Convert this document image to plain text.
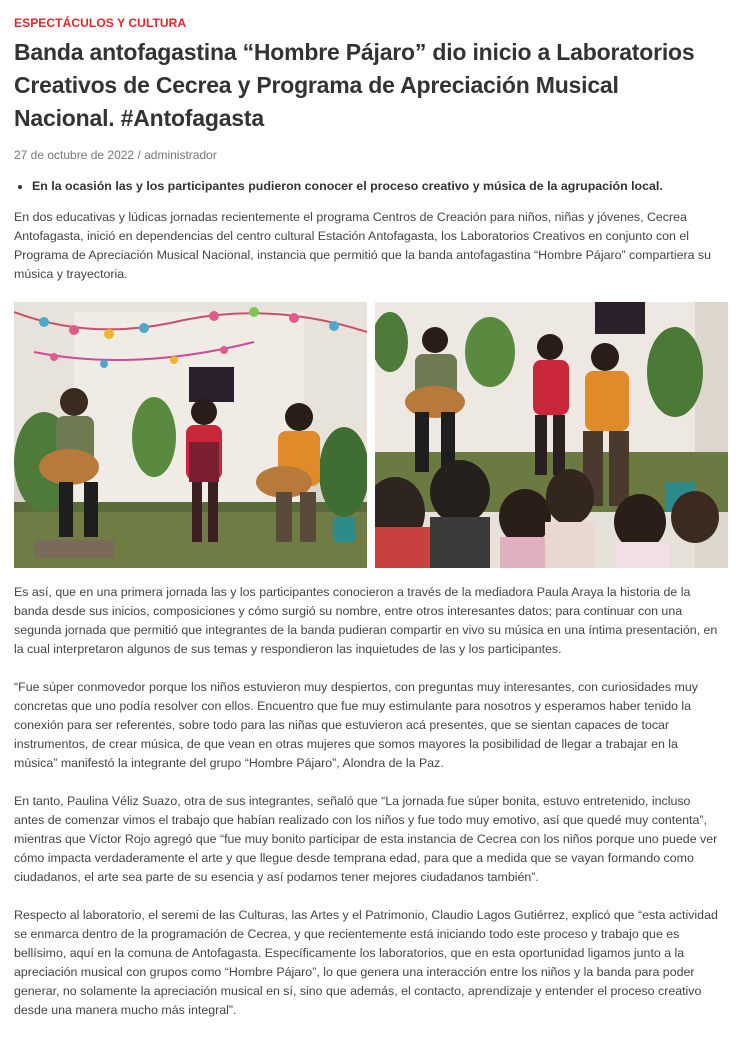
ESPECTÁCULOS Y CULTURA
Banda antofagastina “Hombre Pájaro” dio inicio a Laboratorios Creativos de Cecrea y Programa de Apreciación Musical Nacional. #Antofagasta
27 de octubre de 2022 / administrador
• En la ocasión las y los participantes pudieron conocer el proceso creativo y música de la agrupación local.

En dos educativas y lúdicas jornadas recientemente el programa Centros de Creación para niños, niñas y jóvenes, Cecrea Antofagasta, inició en dependencias del centro cultural Estación Antofagasta, los Laboratorios Creativos en conjunto con el Programa de Apreciación Musical Nacional, instancia que permitió que la banda antofagastina “Hombre Pájaro” compartiera su música y trayectoria.

Es así, que en una primera jornada las y los participantes conocieron a través de la mediadora Paula Araya la historia de la banda desde sus inicios, composiciones y cómo surgió su nombre, entre otros interesantes datos; para continuar con una segunda jornada que permitió que integrantes de la banda pudieran compartir en vivo su música en una íntima presentación, en la cual interpretaron algunos de sus temas y respondieron las inquietudes de las y los participantes.

“Fue súper conmovedor porque los niños estuvieron muy despiertos, con preguntas muy interesantes, con curiosidades muy concretas que uno podía resolver con ellos. Encuentro que fue muy estimulante para nosotros y esperamos haber tenido la conexión para ser referentes, sobre todo para las niñas que estuvieron acá presentes, que se sientan capaces de tocar instrumentos, de crear música, de que vean en otras mujeres que somos mayores la posibilidad de llegar a trabajar en la música” manifestó la integrante del grupo “Hombre Pájaro”, Alondra de la Paz.

En tanto, Paulina Véliz Suazo, otra de sus integrantes, señaló que “La jornada fue súper bonita, estuvo entretenido, incluso antes de comenzar vimos el trabajo que habían realizado con los niños y fue todo muy emotivo, así que quedé muy contenta”, mientras que Víctor Rojo agregó que “fue muy bonito participar de esta instancia de Cecrea con los niños porque uno puede ver cómo impacta verdaderamente el arte y que llegue desde temprana edad, para que a medida que se vayan formando como ciudadanos, el arte sea parte de su esencia y así podamos tener mejores ciudadanos también”.

Respecto al laboratorio, el seremi de las Culturas, las Artes y el Patrimonio, Claudio Lagos Gutiérrez, explicó que “esta actividad se enmarca dentro de la programación de Cecrea, y que recientemente está iniciando todo este proceso y trabajo que es bellísimo, aquí en la comuna de Antofagasta. Específicamente los laboratorios, que en esta oportunidad ligamos junto a la apreciación musical con grupos como “Hombre Pájaro”, lo que genera una interacción entre los niños y la banda para poder generar, no solamente la apreciación musical en sí, sino que además, el contacto, aprendizaje y entender el proceso creativo desde una manera mucho más integral”.
